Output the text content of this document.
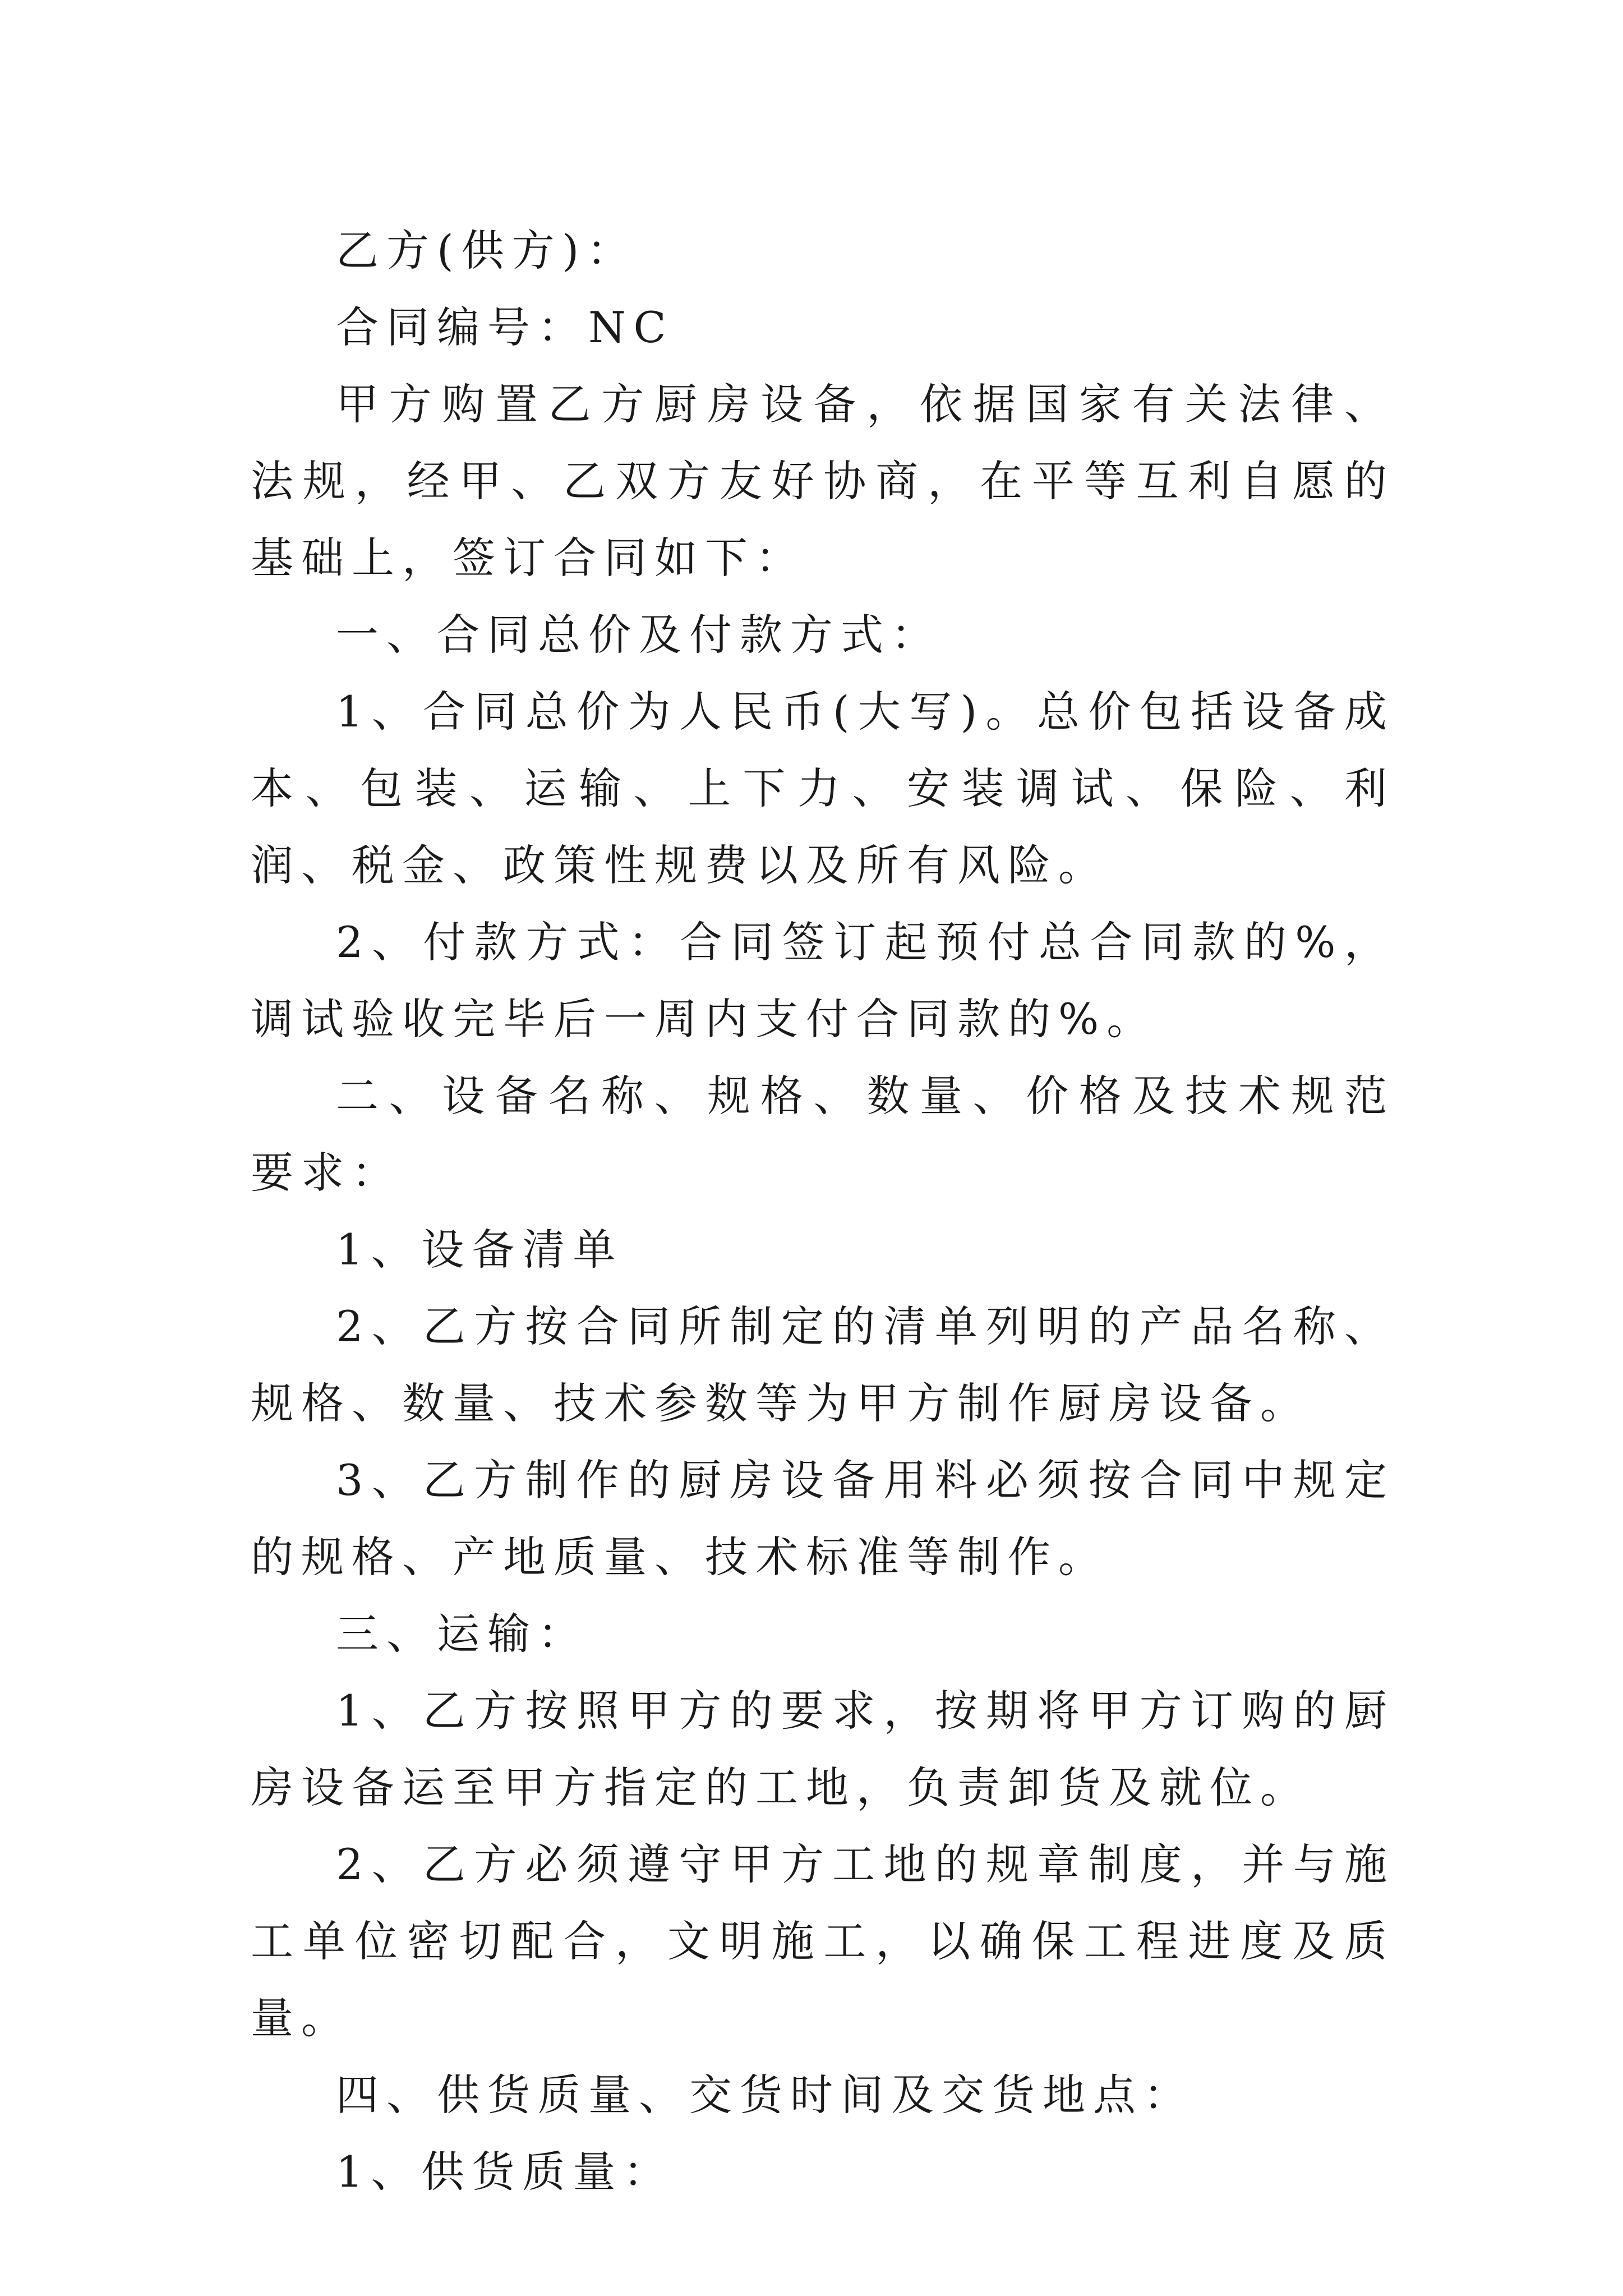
乙方(供方)：

合同编号：NC

甲方购置乙方厨房设备，依据国家有关法律、法规，经甲、乙双方友好协商，在平等互利自愿的基础上，签订合同如下：

一、合同总价及付款方式：

1、合同总价为人民币(大写)。总价包括设备成本、包装、运输、上下力、安装调试、保险、利润、税金、政策性规费以及所有风险。

2、付款方式：合同签订起预付总合同款的%，调试验收完毕后一周内支付合同款的%。

二、设备名称、规格、数量、价格及技术规范要求：

1、设备清单

2、乙方按合同所制定的清单列明的产品名称、规格、数量、技术参数等为甲方制作厨房设备。

3、乙方制作的厨房设备用料必须按合同中规定的规格、产地质量、技术标准等制作。

三、运输：

1、乙方按照甲方的要求，按期将甲方订购的厨房设备运至甲方指定的工地，负责卸货及就位。

2、乙方必须遵守甲方工地的规章制度，并与施工单位密切配合，文明施工，以确保工程进度及质量。

四、供货质量、交货时间及交货地点：

1、供货质量：
